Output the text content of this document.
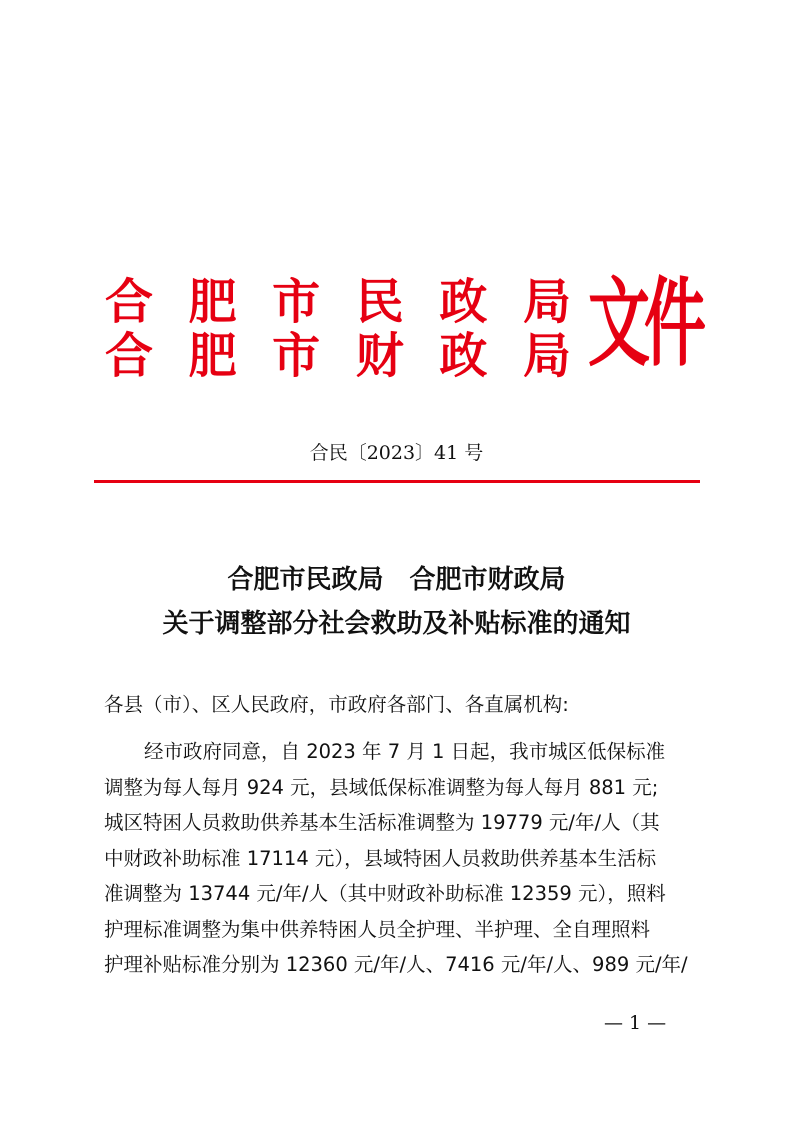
合 肥 市 民 政 局
合 肥 市 财 政 局 文件
合民〔2023〕41 号
合肥市民政局 合肥市财政局
关于调整部分社会救助及补贴标准的通知
各县（市）、区人民政府，市政府各部门、各直属机构:
经市政府同意，自 2023 年 7 月 1 日起，我市城区低保标准
调整为每人每月 924 元，县域低保标准调整为每人每月 881 元;
城区特困人员救助供养基本生活标准调整为 19779 元/年/人（其
中财政补助标准 17114 元），县域特困人员救助供养基本生活标
准调整为 13744 元/年/人（其中财政补助标准 12359 元），照料
护理标准调整为集中供养特困人员全护理、半护理、全自理照料
护理补贴标准分别为 12360 元/年/人、7416 元/年/人、989 元/年/
— 1 —
